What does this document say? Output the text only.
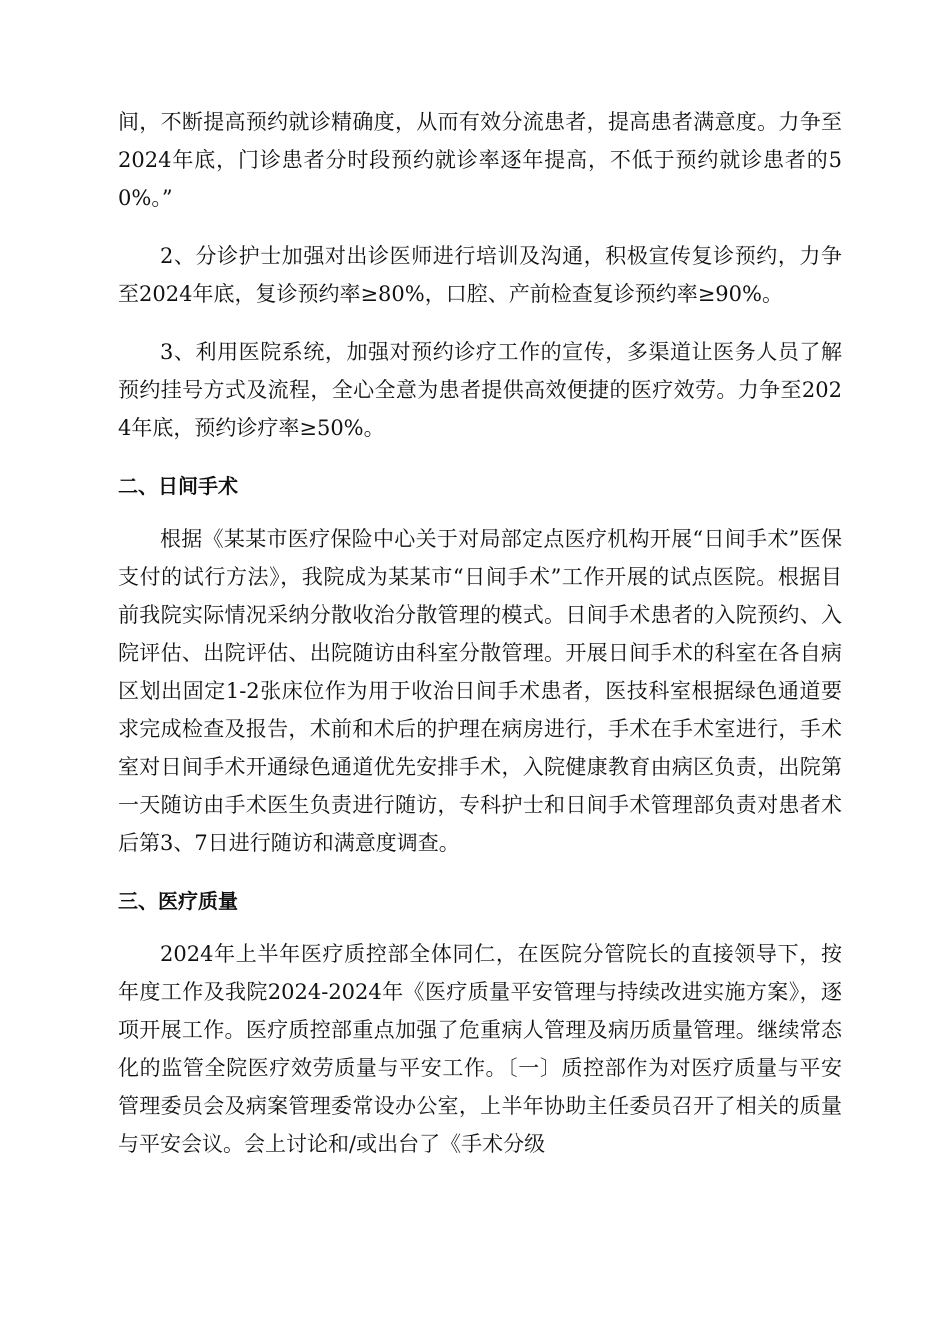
间，不断提高预约就诊精确度，从而有效分流患者，提高患者满意度。力争至2024年底，门诊患者分时段预约就诊率逐年提高，不低于预约就诊患者的50%。”

2、分诊护士加强对出诊医师进行培训及沟通，积极宣传复诊预约，力争至2024年底，复诊预约率≥80%，口腔、产前检查复诊预约率≥90%。

3、利用医院系统，加强对预约诊疗工作的宣传，多渠道让医务人员了解预约挂号方式及流程，全心全意为患者提供高效便捷的医疗效劳。力争至2024年底，预约诊疗率≥50%。

二、日间手术

根据《某某市医疗保险中心关于对局部定点医疗机构开展“日间手术”医保支付的试行方法》，我院成为某某市“日间手术”工作开展的试点医院。根据目前我院实际情况采纳分散收治分散管理的模式。日间手术患者的入院预约、入院评估、出院评估、出院随访由科室分散管理。开展日间手术的科室在各自病区划出固定1-2张床位作为用于收治日间手术患者，医技科室根据绿色通道要求完成检查及报告，术前和术后的护理在病房进行，手术在手术室进行，手术室对日间手术开通绿色通道优先安排手术，入院健康教育由病区负责，出院第一天随访由手术医生负责进行随访，专科护士和日间手术管理部负责对患者术后第3、7日进行随访和满意度调查。

三、医疗质量

2024年上半年医疗质控部全体同仁，在医院分管院长的直接领导下，按年度工作及我院2024-2024年《医疗质量平安管理与持续改进实施方案》，逐项开展工作。医疗质控部重点加强了危重病人管理及病历质量管理。继续常态化的监管全院医疗效劳质量与平安工作。〔一〕质控部作为对医疗质量与平安管理委员会及病案管理委常设办公室，上半年协助主任委员召开了相关的质量与平安会议。会上讨论和/或出台了《手术分级
